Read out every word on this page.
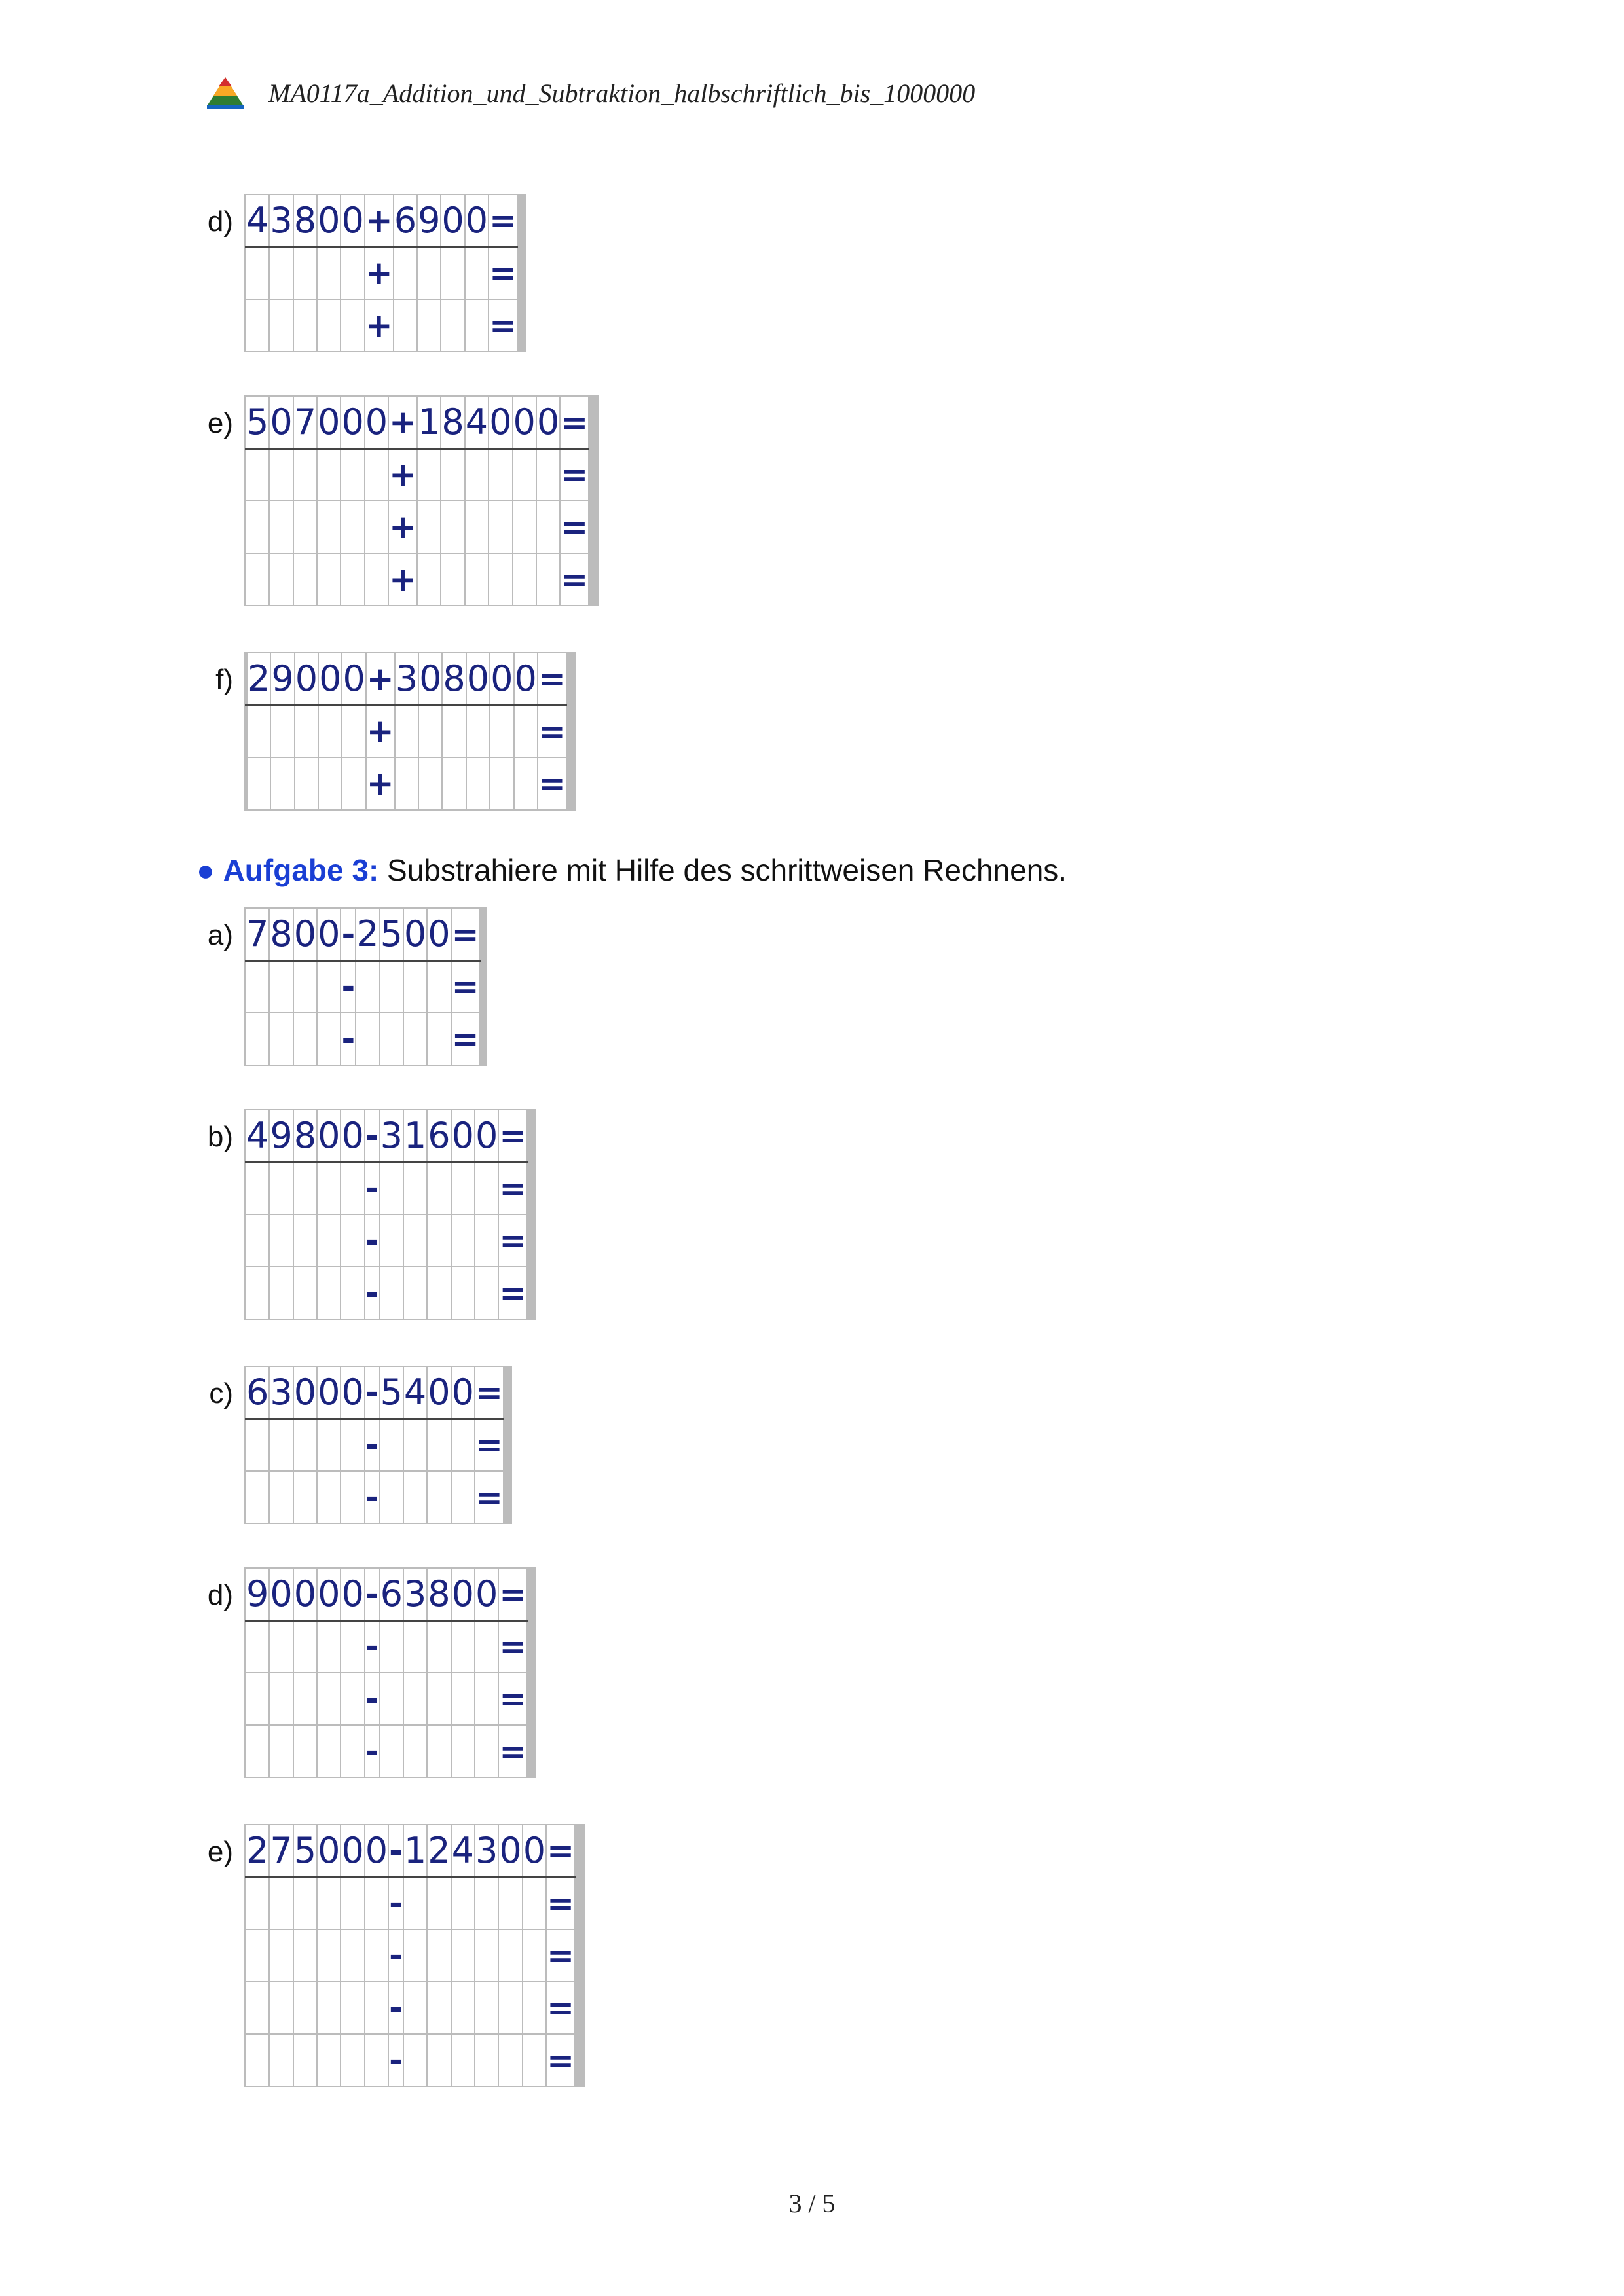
MA0117a_Addition_und_Subtraktion_halbschriftlich_bis_1000000
d)
	4	3	8	0	0	+	6	9	0	0	=						
						+					=						
						+					=						
e)
	5	0	7	0	0	0	+	1	8	4	0	0	0	=							
							+							=							
							+							=							
							+							=							
f)
		2	9	0	0	0	+	3	0	8	0	0	0	=							
							+							=							
							+							=							
a)
	7	8	0	0	-	2	5	0	0	=					
					-					=					
					-					=					
b)
	4	9	8	0	0	-	3	1	6	0	0	=						
						-						=						
						-						=						
						-						=						
c)
	6	3	0	0	0	-	5	4	0	0	=						
						-					=						
						-					=						
d)
	9	0	0	0	0	-	6	3	8	0	0	=						
						-						=						
						-						=						
						-						=						
e)
	2	7	5	0	0	0	-	1	2	4	3	0	0	=							
							-							=							
							-							=							
							-							=							
							-							=							
● Aufgabe 3: Substrahiere mit Hilfe des schrittweisen Rechnens.
3 / 5
